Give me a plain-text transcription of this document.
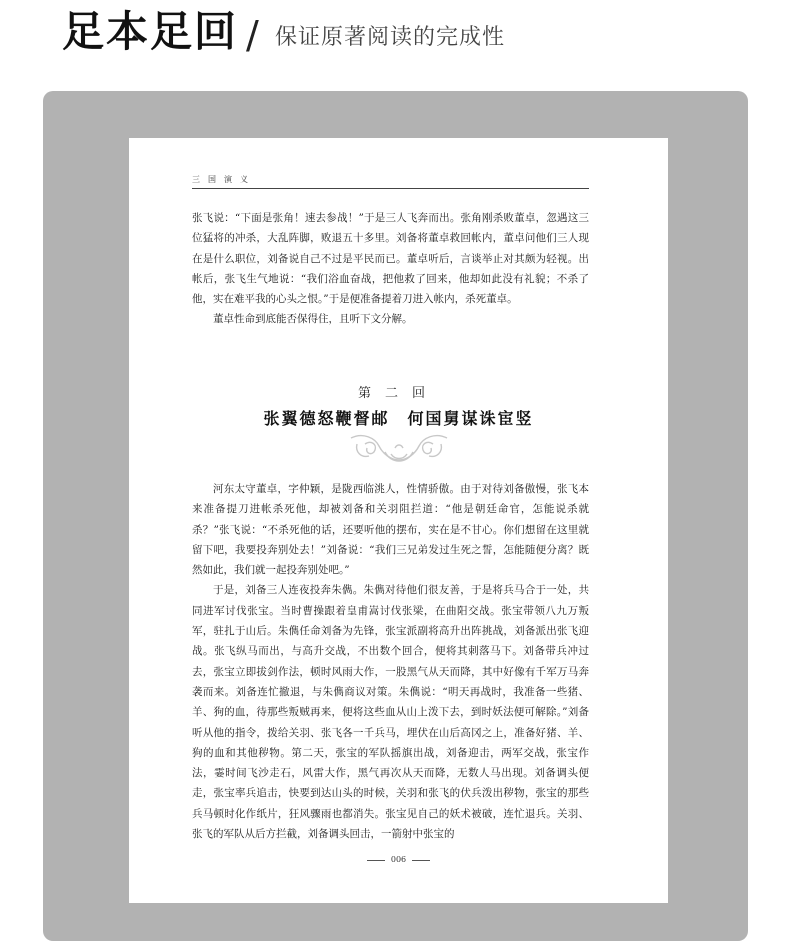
足本足回 / 保证原著阅读的完成性
三国演义

张飞说：“下面是张角！速去参战！”于是三人飞奔而出。张角刚杀败董卓，忽遇这三位猛将的冲杀，大乱阵脚，败退五十多里。刘备将董卓救回帐内，董卓问他们三人现在是什么职位，刘备说自己不过是平民而已。董卓听后，言谈举止对其颇为轻视。出帐后，张飞生气地说：“我们浴血奋战，把他救了回来，他却如此没有礼貌；不杀了他，实在难平我的心头之恨。”于是便准备提着刀进入帐内，杀死董卓。

董卓性命到底能否保得住，且听下文分解。

第二回
张翼德怒鞭督邮　何国舅谋诛宦竖

河东太守董卓，字仲颖，是陇西临洮人，性情骄傲。由于对待刘备傲慢，张飞本来准备提刀进帐杀死他，却被刘备和关羽阻拦道：“他是朝廷命官，怎能说杀就杀？”张飞说：“不杀死他的话，还要听他的摆布，实在是不甘心。你们想留在这里就留下吧，我要投奔别处去！”刘备说：“我们三兄弟发过生死之誓，怎能随便分离？既然如此，我们就一起投奔别处吧。”

于是，刘备三人连夜投奔朱儁。朱儁对待他们很友善，于是将兵马合于一处，共同进军讨伐张宝。当时曹操跟着皇甫嵩讨伐张梁，在曲阳交战。张宝带领八九万叛军，驻扎于山后。朱儁任命刘备为先锋，张宝派副将高升出阵挑战，刘备派出张飞迎战。张飞纵马而出，与高升交战，不出数个回合，便将其刺落马下。刘备带兵冲过去，张宝立即拔剑作法，顿时风雨大作，一股黑气从天而降，其中好像有千军万马奔袭而来。刘备连忙撤退，与朱儁商议对策。朱儁说：“明天再战时，我准备一些猪、羊、狗的血，待那些叛贼再来，便将这些血从山上泼下去，到时妖法便可解除。”刘备听从他的指令，拨给关羽、张飞各一千兵马，埋伏在山后高冈之上，准备好猪、羊、狗的血和其他秽物。第二天，张宝的军队摇旗出战，刘备迎击，两军交战，张宝作法，霎时间飞沙走石，风雷大作，黑气再次从天而降，无数人马出现。刘备调头便走，张宝率兵追击，快要到达山头的时候，关羽和张飞的伏兵泼出秽物，张宝的那些兵马顿时化作纸片，狂风骤雨也都消失。张宝见自己的妖术被破，连忙退兵。关羽、张飞的军队从后方拦截，刘备调头回击，一箭射中张宝的

006
